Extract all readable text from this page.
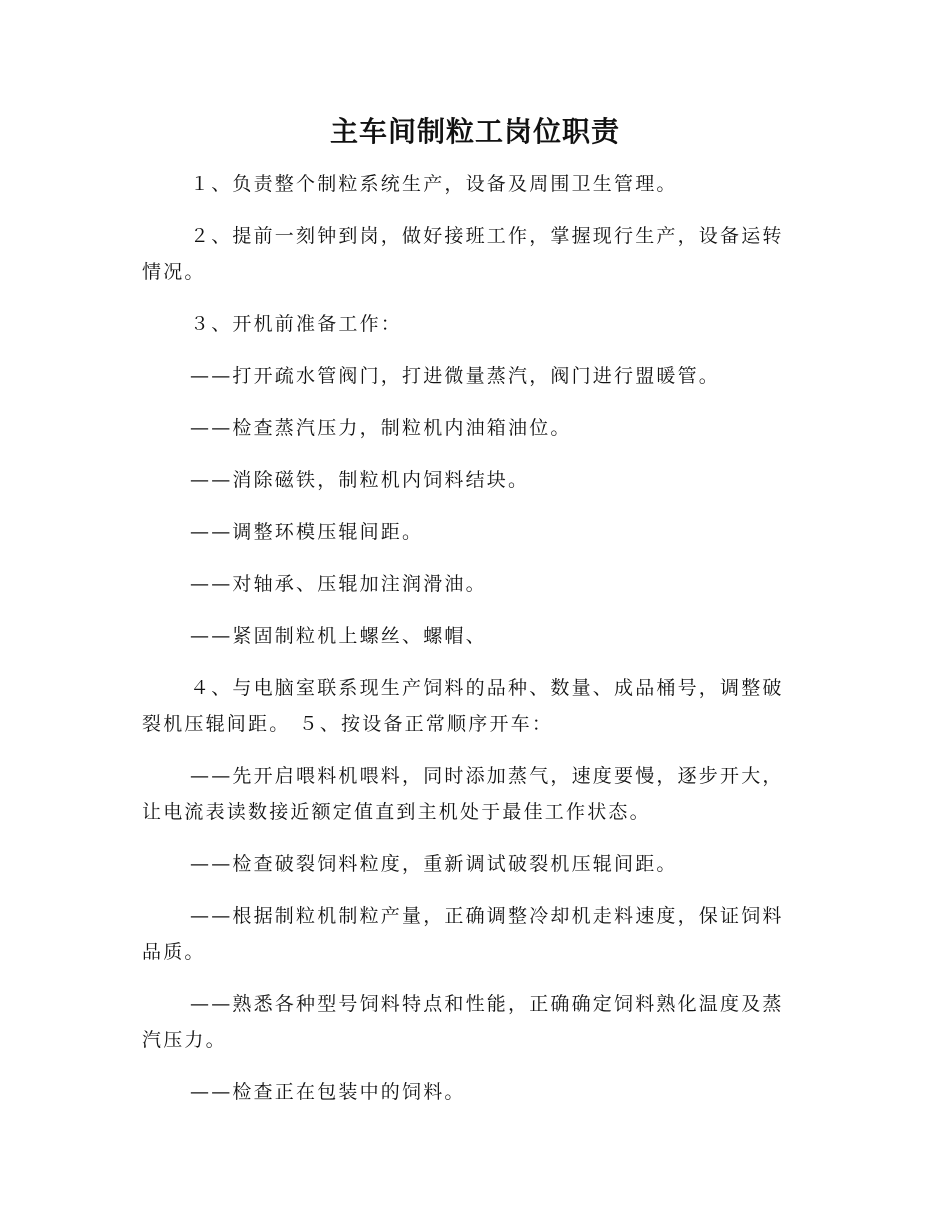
主车间制粒工岗位职责

１、负责整个制粒系统生产，设备及周围卫生管理。

２、提前一刻钟到岗，做好接班工作，掌握现行生产，设备运转情况。

３、开机前准备工作：

——打开疏水管阀门，打进微量蒸汽，阀门进行盟暖管。

——检查蒸汽压力，制粒机内油箱油位。

——消除磁铁，制粒机内饲料结块。

——调整环模压辊间距。

——对轴承、压辊加注润滑油。

——紧固制粒机上螺丝、螺帽、

４、与电脑室联系现生产饲料的品种、数量、成品桶号，调整破裂机压辊间距。 ５、按设备正常顺序开车：

——先开启喂料机喂料，同时添加蒸气，速度要慢，逐步开大，让电流表读数接近额定值直到主机处于最佳工作状态。

——检查破裂饲料粒度，重新调试破裂机压辊间距。

——根据制粒机制粒产量，正确调整冷却机走料速度，保证饲料品质。

——熟悉各种型号饲料特点和性能，正确确定饲料熟化温度及蒸汽压力。

——检查正在包装中的饲料。
